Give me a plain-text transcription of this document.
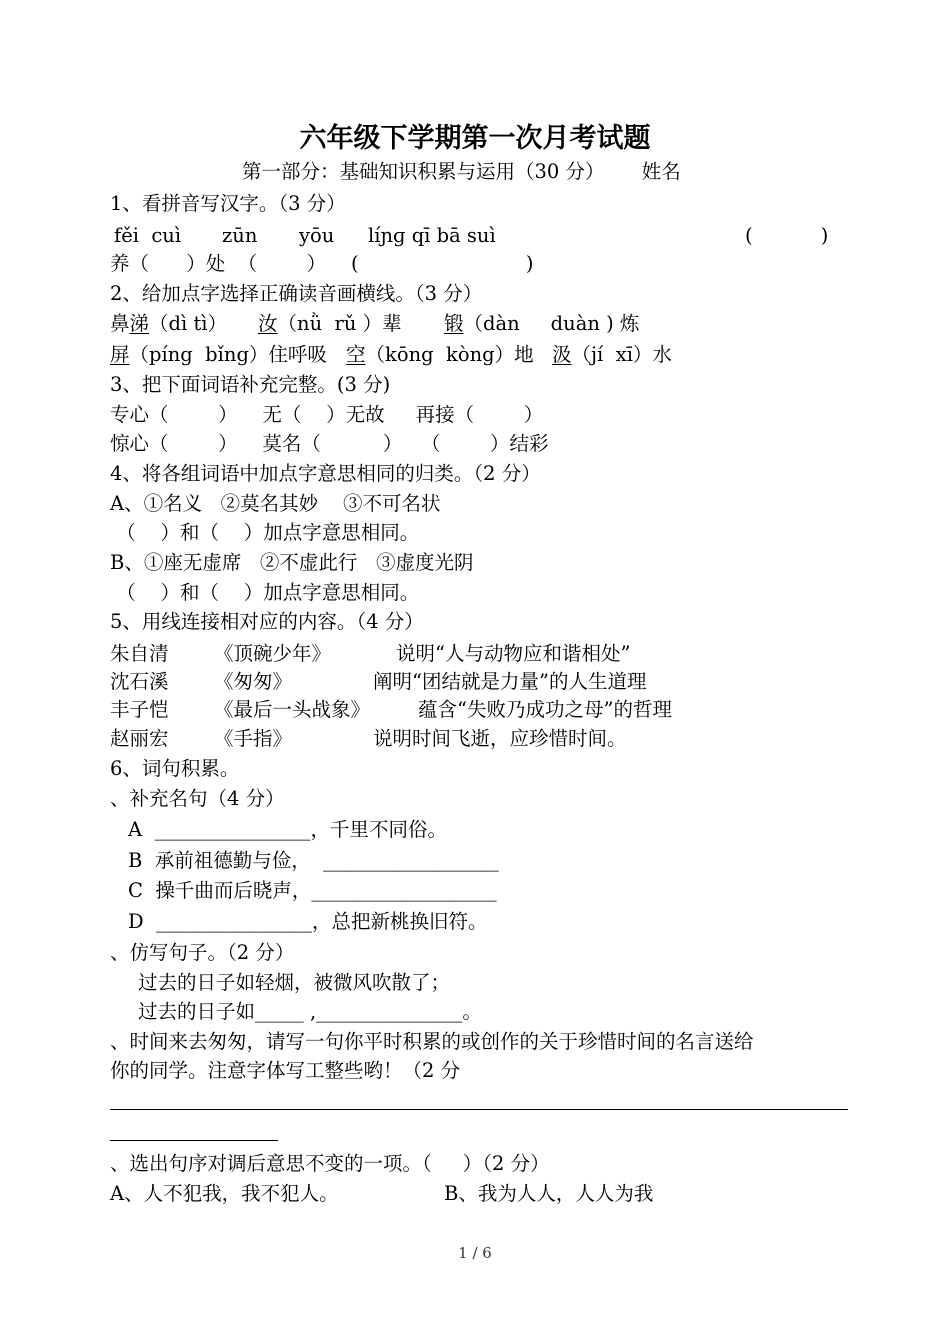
六年级下学期第一次月考试题
第一部分：基础知识积累与运用（30 分）      姓名
1、看拼音写汉字。（3 分）
fěi  cuì zūn yōu líɲɡ qī bā suì	(           )
养（      ）处  （        ）    (                           )
2、给加点字选择正确读音画横线。（3 分）
鼻涕（dì tì） 汝（nǜ  rǔ ）辈 锻（dàn     duàn ) 炼
屏（píng  bǐng）住呼吸 空（kōng  kòng）地 汲（jí  xī）水
3、把下面词语补充完整。(3 分)
专心（        ）    无（    ）无故     再接（        ）
惊心（        ）    莫名（          ）   （        ）结彩
4、将各组词语中加点字意思相同的归类。（2 分）
A、①名义   ②莫名其妙    ③不可名状
（    ）和（    ）加点字意思相同。
B、①座无虚席   ②不虚此行   ③虚度光阴
（    ）和（    ）加点字意思相同。
5、用线连接相对应的内容。（4 分）
朱自清 《顶碗少年》	说明“人与动物应和谐相处”
沈石溪 《匆匆》	阐明“团结就是力量”的人生道理
丰子恺 《最后一头战象》 蕴含“失败乃成功之母”的哲理
赵丽宏 《手指》	说明时间飞逝，应珍惜时间。
6、词句积累。
、补充名句（4 分）
A  ________________，千里不同俗。
B  承前祖德勤与俭，  __________________
C  操千曲而后晓声，___________________
D  ________________，总把新桃换旧符。
、仿写句子。（2 分）
过去的日子如轻烟，被微风吹散了；
过去的日子如_____ ,_______________。
、时间来去匆匆，请写一句你平时积累的或创作的关于珍惜时间的名言送给
你的同学。注意字体写工整些哟！（2 分
、选出句序对调后意思不变的一项。（     ）（2 分）
A、人不犯我，我不犯人。	B、我为人人，人人为我
1 / 6
